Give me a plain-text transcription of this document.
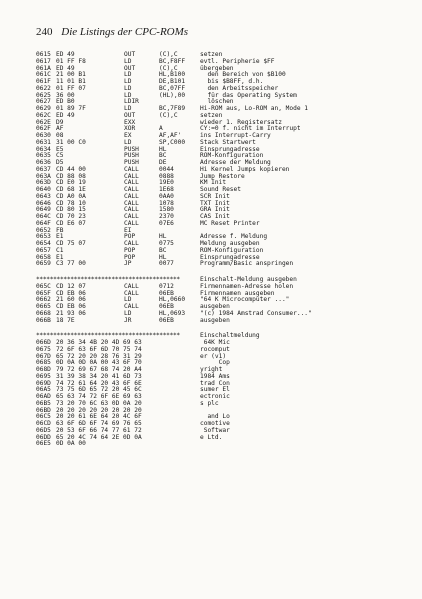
240 Die Listings der CPC-ROMs
0615 ED 49	OUT	(C),C	setzen
0617 01 FF F8	LD	BC,F8FF evtl. Peripherie $FF
061A ED 49	OUT	(C),C	übergeben
061C 21 00 B1	LD	HL,B100 den Bereich von $B100
061F 11 01 B1	LD	DE,B101 bis $B8FF, d.h.
0622 01 FF 07	LD	BC,07FF den Arbeitsspeicher
0625 36 00	LD	(HL),00 für das Operating System
0627 ED B0	LDIR	löschen
0629 01 89 7F	LD	BC,7F89 Hi-ROM aus, Lo-ROM an, Mode 1
062C ED 49	OUT	(C),C	setzen
062E D9	EXX	wieder 1. Registersatz
062F AF	XOR	A	CY:=0 f. nicht im Interrupt
0630 08	EX	AF,AF'	ins Interrupt-Carry
0631 31 00 C0	LD	SP,C000 Stack Startwert
0634 E5	PUSH	HL	Einsprungadresse
0635 C5	PUSH	BC	ROM-Konfiguration
0636 D5	PUSH	DE	Adresse der Meldung
0637 CD 44 00	CALL	0044	Hi Kernel Jumps kopieren
063A CD 88 08	CALL	0888	Jump Restore
063D CD E0 19	CALL	19E0	KM Init
0640 CD 68 1E	CALL	1E68	Sound Reset
0643 CD A0 0A	CALL	0AA0	SCR Init
0646 CD 78 10	CALL	1078	TXT Init
0649 CD 80 15	CALL	1580	GRA Init
064C CD 70 23	CALL	2370	CAS Init
064F CD E6 07	CALL	07E6	MC Reset Printer
0652 FB	EI
0653 E1	POP	HL	Adresse f. Meldung
0654 CD 75 07	CALL	0775	Meldung ausgeben
0657 C1	POP	BC	ROM-Konfiguration
0658 E1	POP	HL	Einsprungadresse
0659 C3 77 00	JP	0077	Programm/Basic anspringen
******************************************	Einschalt-Meldung ausgeben
065C CD 12 07	CALL	0712	Firmennamen-Adresse holen
065F CD EB 06	CALL	06EB	Firmennamen ausgeben
0662 21 60 06	LD	HL,0660 "64 K Microcomputer ..."
0665 CD EB 06	CALL	06EB	ausgeben
0668 21 93 06	LD	HL,0693 "(c) 1984 Amstrad Consumer..."
066B 18 7E	JR	06EB	ausgeben
******************************************	Einschaltmeldung
066D 20 36 34 4B 20 4D 69 63	64K Mic
0675 72 6F 63 6F 6D 70 75 74	rocomput
067D 65 72 20 20 28 76 31 29	er (v1)
0685 0D 0A 0D 0A 00 43 6F 70	Cop
068D 79 72 69 67 68 74 20 A4	yright
0695 31 39 38 34 20 41 6D 73	1984 Ams
069D 74 72 61 64 20 43 6F 6E	trad Con
06A5 73 75 6D 65 72 20 45 6C	sumer El
06AD 65 63 74 72 6F 6E 69 63	ectronic
06B5 73 20 70 6C 63 0D 0A 20	s plc
06BD 20 20 20 20 20 20 20 20
06C5 20 20 61 6E 64 20 4C 6F	and Lo
06CD 63 6F 6D 6F 74 69 76 65	comotive
06D5 20 53 6F 66 74 77 61 72	Softwar
06DD 65 20 4C 74 64 2E 0D 0A	e Ltd.
06E5 0D 0A 00
